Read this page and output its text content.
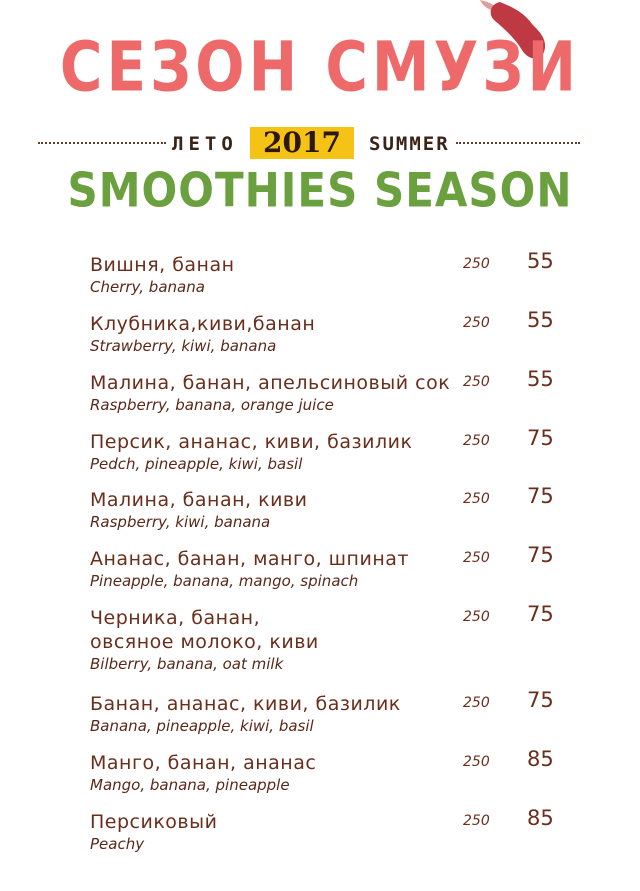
СЕЗОН СМУЗИ
ЛЕТО 2017	SUMMER
SMOOTHIES SEASON
Вишня, банан
Cherry, banana
250 55
Клубника,киви,банан
Strawberry, kiwi, banana
250 55
Малина, банан, апельсиновый сок
Raspberry, banana, orange juice
250 55
Персик, ананас, киви, базилик
Pedch, pineapple, kiwi, basil
250 75
Малина, банан, киви
Raspberry, kiwi, banana
250 75
Ананас, банан, манго, шпинат
Pineapple, banana, mango, spinach
250 75
Черника, банан,
овсяное молоко, киви
Bilberry, banana, oat milk
250 75
Банан, ананас, киви, базилик
Banana, pineapple, kiwi, basil
250 75
Манго, банан, ананас
Mango, banana, pineapple
250 85
Персиковый
Peachy
250 85
